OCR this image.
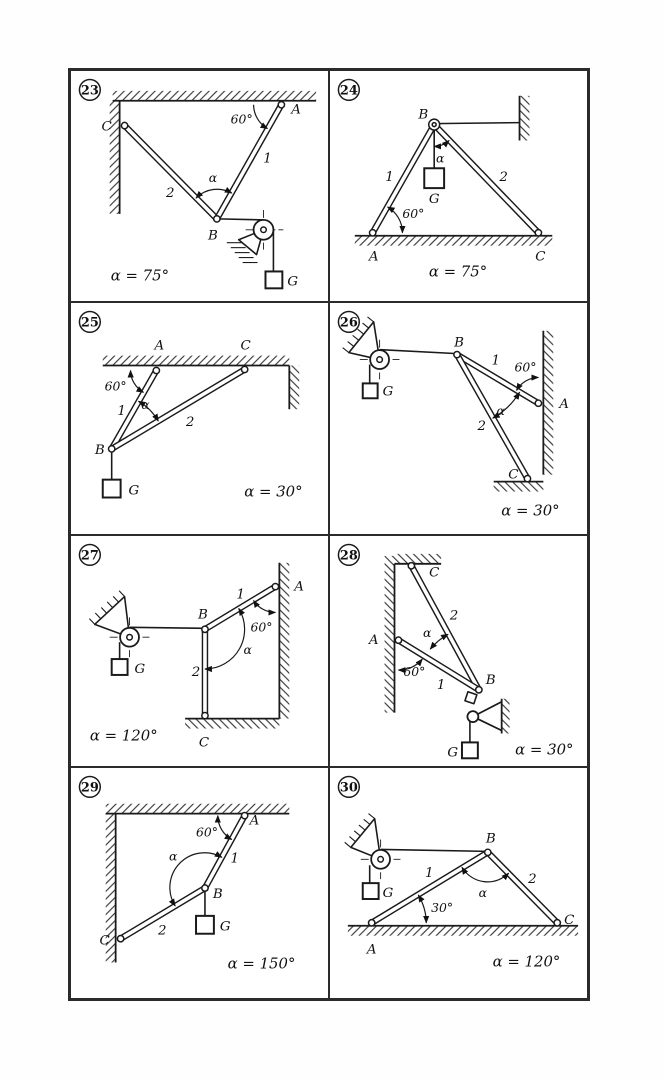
23
60°
α
A
B
C
G
1
2
α = 75°
24
60°
α
A
B
C
G
1	2
α = 75°
25
60°
α
A
B
C
G
1
2
α = 30°
26
60°
α
B
A
C
G
1
2
α = 30°
27
60°
α
B
A
C
G
1
2
α = 120°
28
60°
α
A
C
B
G
2
1
α = 30°
29
60°
α
A
B
C
G
1
2
α = 150°
30
30°
α
A
B
C
G
1	2
α = 120°
